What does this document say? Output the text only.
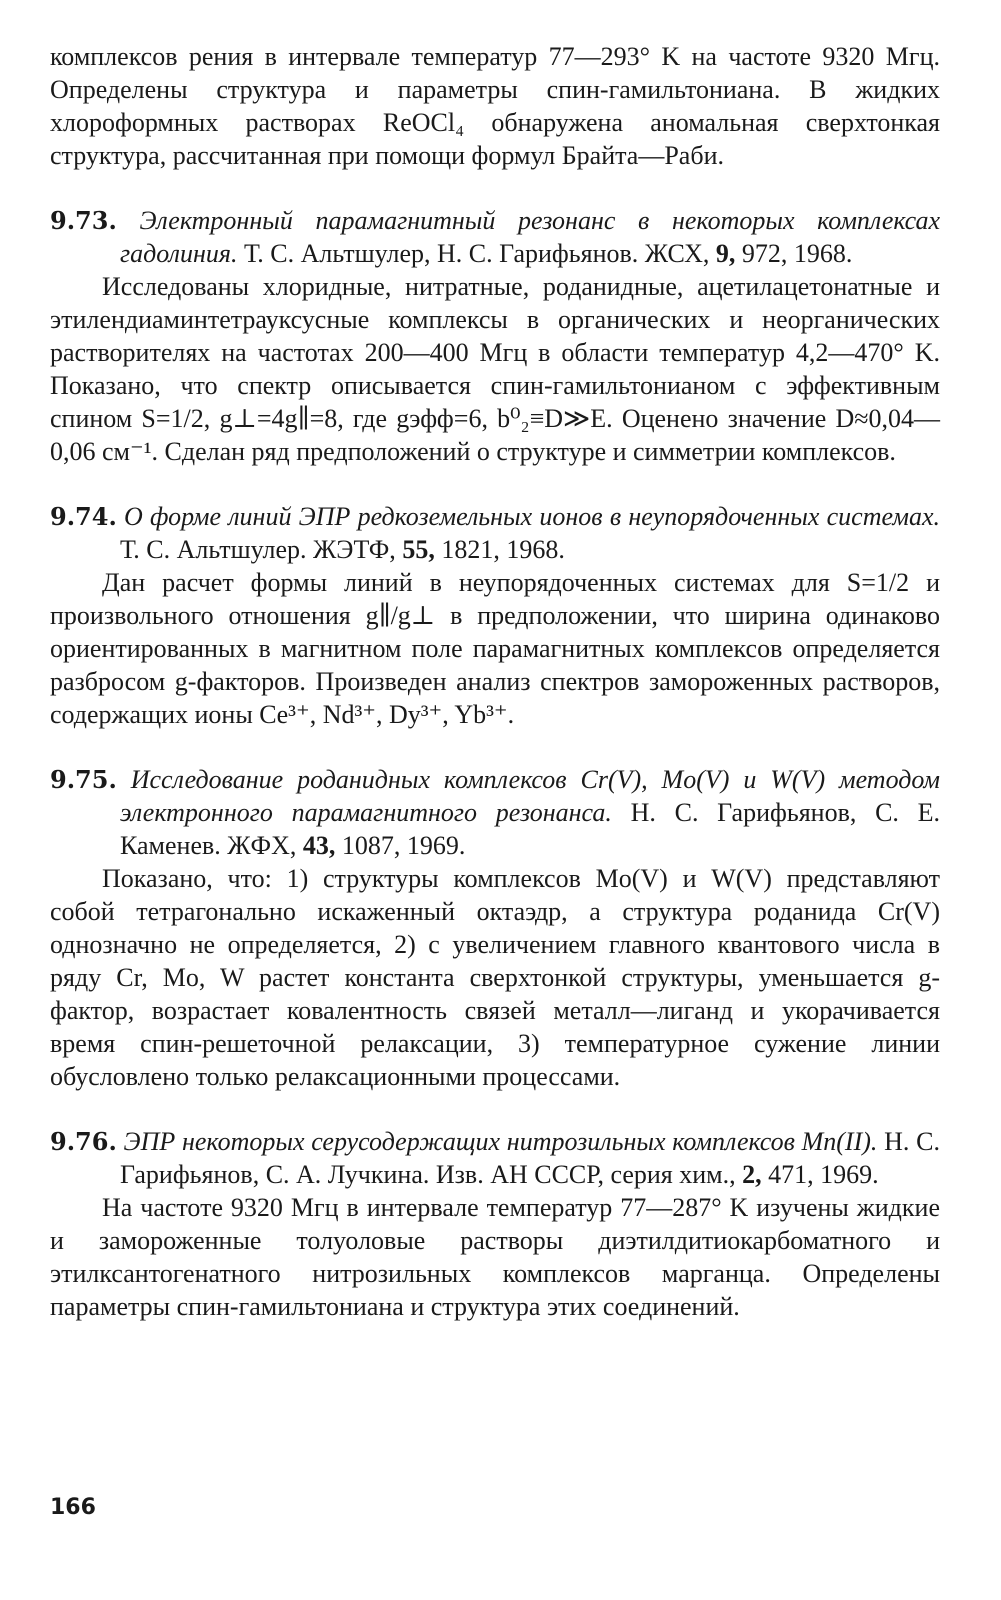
комплексов рения в интервале температур 77—293° K на частоте 9320 Мгц. Определены структура и параметры спин-гамильтониана. В жидких хлороформных растворах ReOCl₄ обнаружена аномальная сверхтонкая структура, рассчитанная при помощи формул Брайта—Раби.

9.73. Электронный парамагнитный резонанс в некоторых комплексах гадолиния. Т. С. Альтшулер, Н. С. Гарифьянов. ЖСХ, 9, 972, 1968.

Исследованы хлоридные, нитратные, роданидные, ацетилацетонатные и этилендиаминтетрауксусные комплексы в органических и неорганических растворителях на частотах 200—400 Мгц в области температур 4,2—470° K. Показано, что спектр описывается спин-гамильтонианом с эффективным спином S=1/2, g⊥=4g∥=8, где gэфф=6, b⁰₂≡D≫E. Оценено значение D≈0,04—0,06 см⁻¹. Сделан ряд предположений о структуре и симметрии комплексов.

9.74. О форме линий ЭПР редкоземельных ионов в неупорядоченных системах. Т. С. Альтшулер. ЖЭТФ, 55, 1821, 1968.

Дан расчет формы линий в неупорядоченных системах для S=1/2 и произвольного отношения g∥/g⊥ в предположении, что ширина одинаково ориентированных в магнитном поле парамагнитных комплексов определяется разбросом g-факторов. Произведен анализ спектров замороженных растворов, содержащих ионы Ce³⁺, Nd³⁺, Dy³⁺, Yb³⁺.

9.75. Исследование роданидных комплексов Cr(V), Mo(V) и W(V) методом электронного парамагнитного резонанса. Н. С. Гарифьянов, С. Е. Каменев. ЖФХ, 43, 1087, 1969.

Показано, что: 1) структуры комплексов Mo(V) и W(V) представляют собой тетрагонально искаженный октаэдр, а структура роданида Cr(V) однозначно не определяется, 2) с увеличением главного квантового числа в ряду Cr, Mo, W растет константа сверхтонкой структуры, уменьшается g-фактор, возрастает ковалентность связей металл—лиганд и укорачивается время спин-решеточной релаксации, 3) температурное сужение линии обусловлено только релаксационными процессами.

9.76. ЭПР некоторых серусодержащих нитрозильных комплексов Mn(II). Н. С. Гарифьянов, С. А. Лучкина. Изв. АН СССР, серия хим., 2, 471, 1969.

На частоте 9320 Мгц в интервале температур 77—287° K изучены жидкие и замороженные толуоловые растворы диэтилдитиокарбоматного и этилксантогенатного нитрозильных комплексов марганца. Определены параметры спин-гамильтониана и структура этих соединений.

166
